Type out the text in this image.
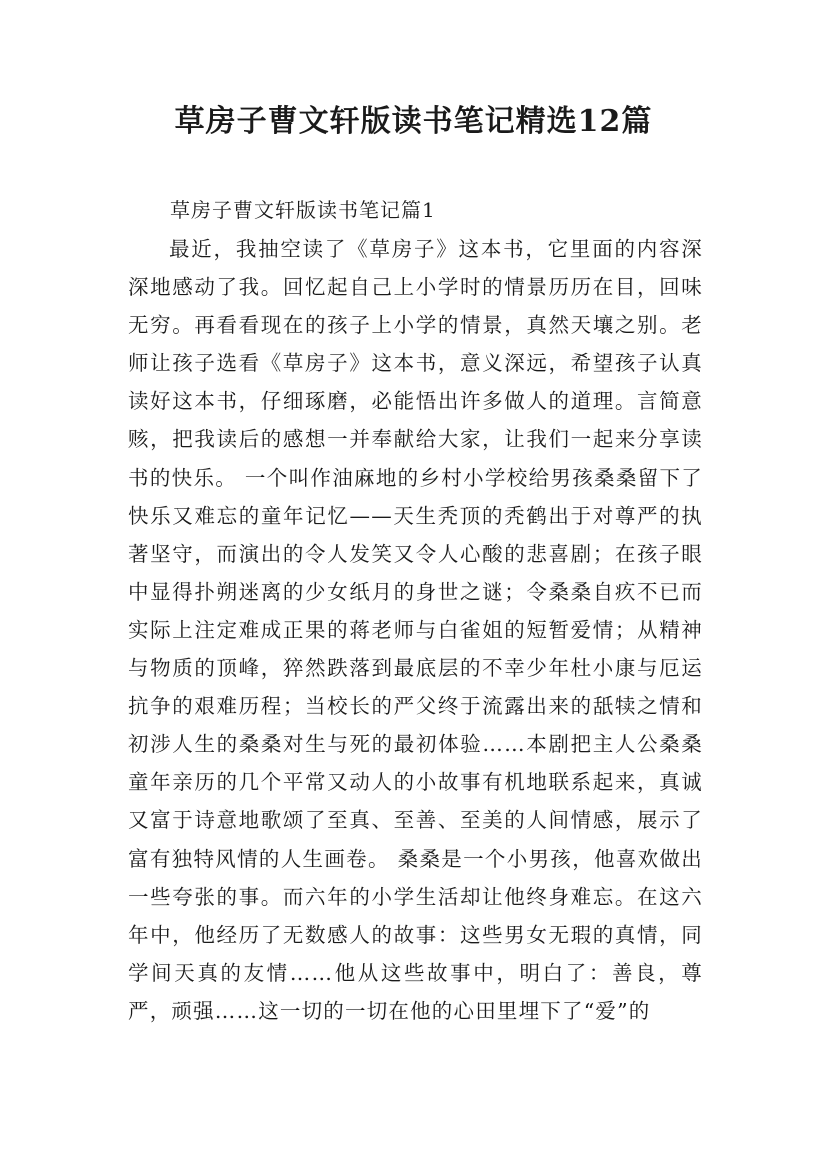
草房子曹文轩版读书笔记精选12篇
草房子曹文轩版读书笔记篇1

最近，我抽空读了《草房子》这本书，它里面的内容深深地感动了我。回忆起自己上小学时的情景历历在目，回味无穷。再看看现在的孩子上小学的情景，真然天壤之别。老师让孩子选看《草房子》这本书，意义深远，希望孩子认真读好这本书，仔细琢磨，必能悟出许多做人的道理。言简意赅，把我读后的感想一并奉献给大家，让我们一起来分享读书的快乐。 一个叫作油麻地的乡村小学校给男孩桑桑留下了快乐又难忘的童年记忆——天生秃顶的秃鹤出于对尊严的执著坚守，而演出的令人发笑又令人心酸的悲喜剧；在孩子眼中显得扑朔迷离的少女纸月的身世之谜；令桑桑自疚不已而实际上注定难成正果的蒋老师与白雀姐的短暂爱情；从精神与物质的顶峰，猝然跌落到最底层的不幸少年杜小康与厄运抗争的艰难历程；当校长的严父终于流露出来的舐犊之情和初涉人生的桑桑对生与死的最初体验……本剧把主人公桑桑童年亲历的几个平常又动人的小故事有机地联系起来，真诚又富于诗意地歌颂了至真、至善、至美的人间情感，展示了富有独特风情的人生画卷。 桑桑是一个小男孩，他喜欢做出一些夸张的事。而六年的小学生活却让他终身难忘。在这六年中，他经历了无数感人的故事：这些男女无瑕的真情，同学间天真的友情……他从这些故事中，明白了：善良，尊严，顽强……这一切的一切在他的心田里埋下了“爱”的
